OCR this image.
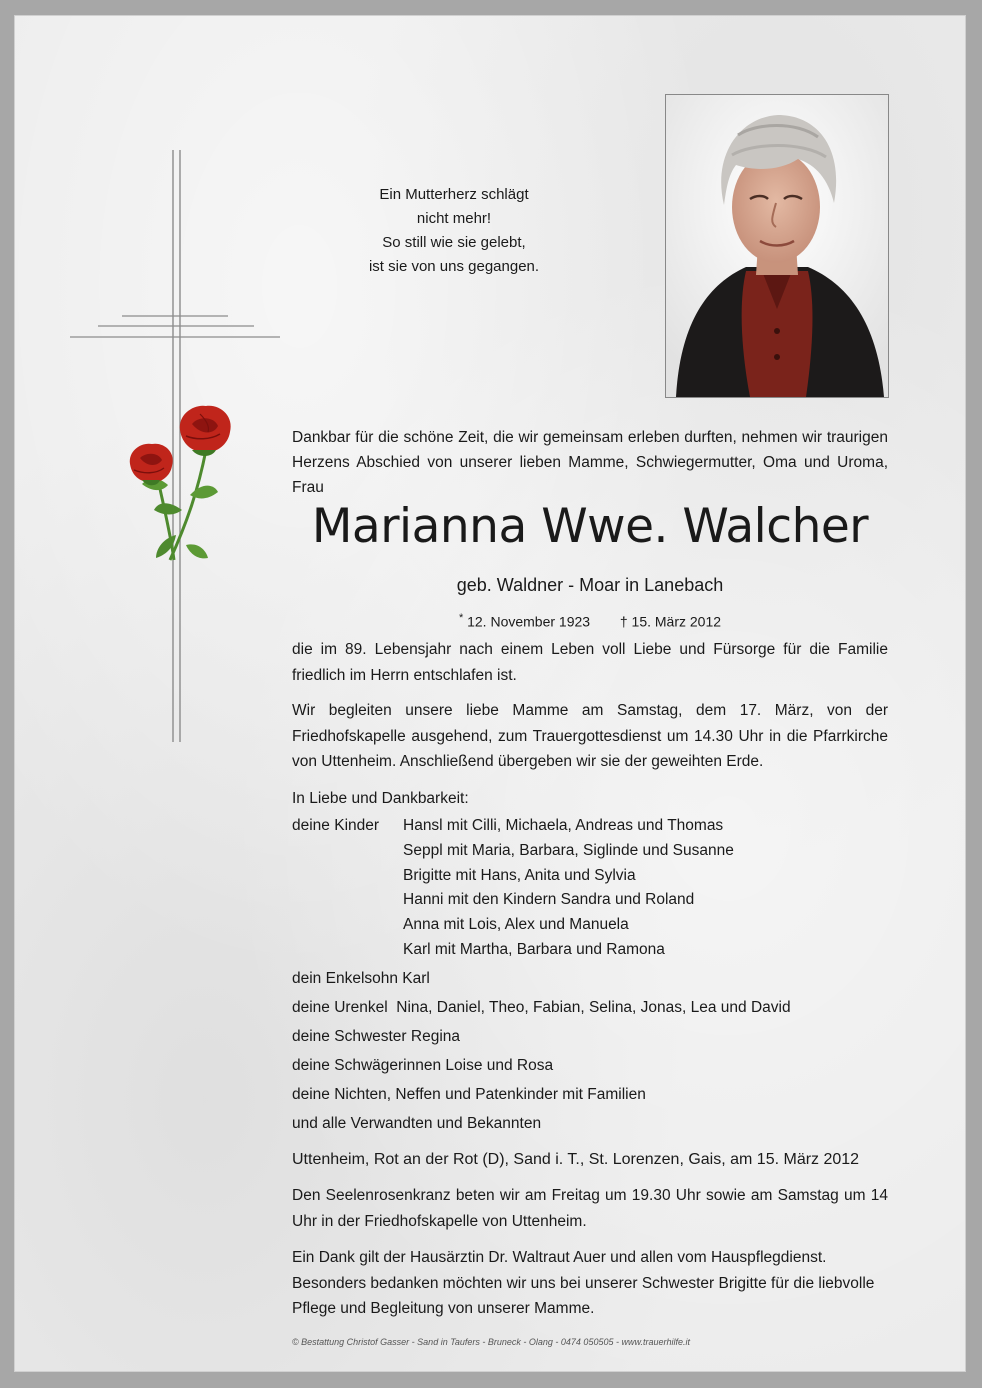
Ein Mutterherz schlägt
nicht mehr!
So still wie sie gelebt,
ist sie von uns gegangen.

Dankbar für die schöne Zeit, die wir gemeinsam erleben durften, nehmen wir traurigen Herzens Abschied von unserer lieben Mamme, Schwiegermutter, Oma und Uroma, Frau

Marianna Wwe. Walcher

geb. Waldner - Moar in Lanebach

* 12. November 1923 † 15. März 2012

die im 89. Lebensjahr nach einem Leben voll Liebe und Fürsorge für die Familie friedlich im Herrn entschlafen ist.

Wir begleiten unsere liebe Mamme am Samstag, dem 17. März, von der Friedhofskapelle ausgehend, zum Trauergottesdienst um 14.30 Uhr in die Pfarrkirche von Uttenheim. Anschließend übergeben wir sie der geweihten Erde.

In Liebe und Dankbarkeit:

deine Kinder	Hansl mit Cilli, Michaela, Andreas und Thomas
Seppl mit Maria, Barbara, Siglinde und Susanne
Brigitte mit Hans, Anita und Sylvia
Hanni mit den Kindern Sandra und Roland
Anna mit Lois, Alex und Manuela
Karl mit Martha, Barbara und Ramona

dein Enkelsohn Karl

deine Urenkel  Nina, Daniel, Theo, Fabian, Selina, Jonas, Lea und David

deine Schwester Regina

deine Schwägerinnen Loise und Rosa

deine Nichten, Neffen und Patenkinder mit Familien

und alle Verwandten und Bekannten

Uttenheim, Rot an der Rot (D), Sand i. T., St. Lorenzen, Gais, am 15. März 2012

Den Seelenrosenkranz beten wir am Freitag um 19.30 Uhr sowie am Samstag um 14 Uhr in der Friedhofskapelle von Uttenheim.

Ein Dank gilt der Hausärztin Dr. Waltraut Auer und allen vom Hauspflegdienst. Besonders bedanken möchten wir uns bei unserer Schwester Brigitte für die liebvolle Pflege und Begleitung von unserer Mamme.

© Bestattung Christof Gasser - Sand in Taufers - Bruneck - Olang - 0474 050505 - www.trauerhilfe.it
